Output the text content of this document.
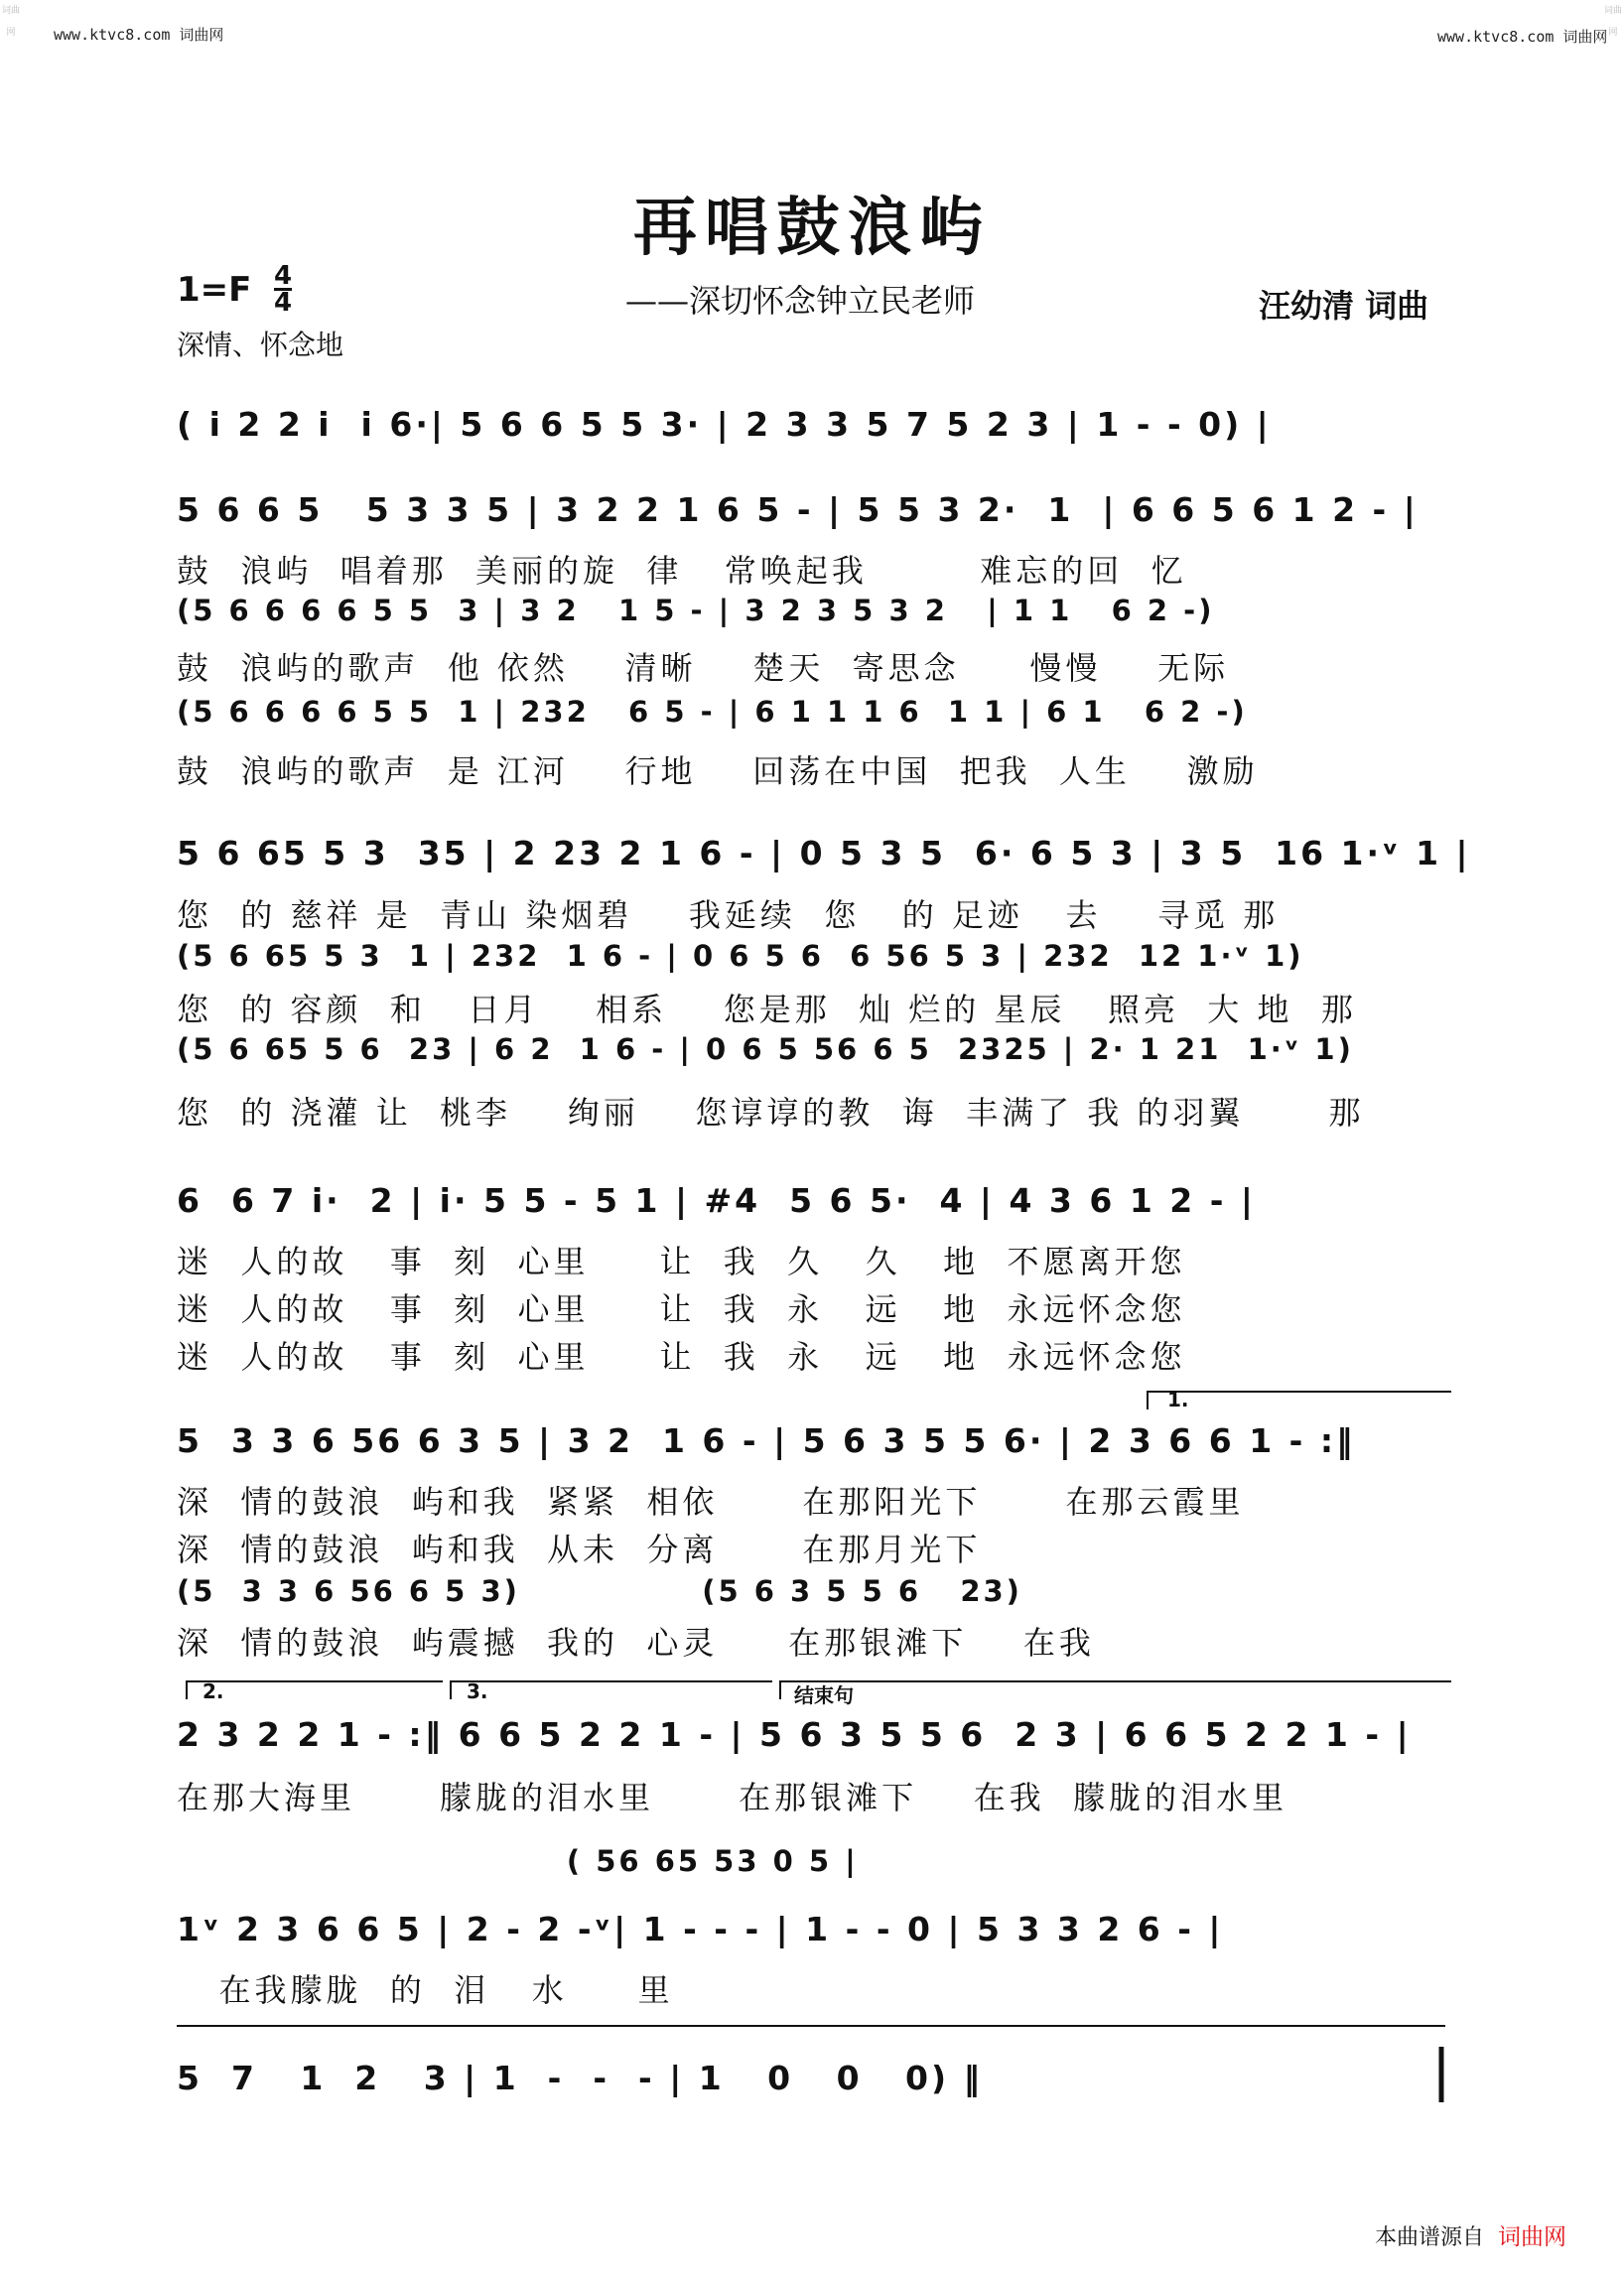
www.ktvc8.com 词曲网	www.ktvc8.com 词曲网
词曲网
词曲网
再唱鼓浪屿
1=F 4
4
深情、怀念地
——深切怀念钟立民老师	汪幼清 词曲
( i 2 2 i  i 6·| 5 6 6 5 5 3· | 2 3 3 5 7 5 2 3 | 1 - - 0) |
5 6 6 5   5 3 3 5 | 3 2 2 1 6 5 - | 5 5 3 2·  1  | 6 6 5 6 1 2 - |
鼓  浪屿  唱着那  美丽的旋  律   常唤起我        难忘的回  忆
(5 6 6 6 6 5 5  3 | 3 2   1 5 - | 3 2 3 5 3 2   | 1 1   6 2 -)
鼓  浪屿的歌声  他 依然    清晰    楚天  寄思念     慢慢    无际
(5 6 6 6 6 5 5  1 | 232   6 5 - | 6 1 1 1 6  1 1 | 6 1   6 2 -)
鼓  浪屿的歌声  是 江河    行地    回荡在中国  把我  人生    激励
5 6 65 5 3  35 | 2 23 2 1 6 - | 0 5 3 5  6· 6 5 3 | 3 5  16 1·ᵛ 1 |
您  的 慈祥 是  青山 染烟碧    我延续  您   的 足迹   去    寻觅 那
(5 6 65 5 3  1 | 232  1 6 - | 0 6 5 6  6 56 5 3 | 232  12 1·ᵛ 1)
您  的 容颜  和   日月    相系    您是那  灿 烂的 星辰   照亮  大 地  那
(5 6 65 5 6  23 | 6 2  1 6 - | 0 6 5 56 6 5  2325 | 2· 1 21  1·ᵛ 1)
您  的 浇灌 让  桃李    绚丽    您谆谆的教  诲  丰满了 我 的羽翼      那
6  6 7 i·  2 | i· 5 5 - 5 1 | #4  5 6 5·  4 | 4 3 6 1 2 - |
迷  人的故   事  刻  心里     让  我  久   久   地  不愿离开您
迷  人的故   事  刻  心里     让  我  永   远   地  永远怀念您
迷  人的故   事  刻  心里     让  我  永   远   地  永远怀念您
5  3 3 6 56 6 3 5 | 3 2  1 6 - | 5 6 3 5 5 6· | 2 3 6 6 1 - :‖
深  情的鼓浪  屿和我  紧紧  相依      在那阳光下      在那云霞里
深  情的鼓浪  屿和我  从未  分离      在那月光下
(5  3 3 6 56 6 5 3)              (5 6 3 5 5 6   23)
深  情的鼓浪  屿震撼  我的  心灵     在那银滩下    在我
1.
2.	3.	结束句
2 3 2 2 1 - :‖ 6 6 5 2 2 1 - | 5 6 3 5 5 6  2 3 | 6 6 5 2 2 1 - |
在那大海里      朦胧的泪水里      在那银滩下    在我  朦胧的泪水里
( 56 65 53 0 5 |
1ᵛ 2 3 6 6 5 | 2 - 2 -ᵛ| 1 - - - | 1 - - 0 | 5 3 3 2 6 - |
在我朦胧  的  泪   水     里
5  7   1  2   3 | 1  -  -  - | 1   0   0   0) ‖
本曲谱源自 词曲网
